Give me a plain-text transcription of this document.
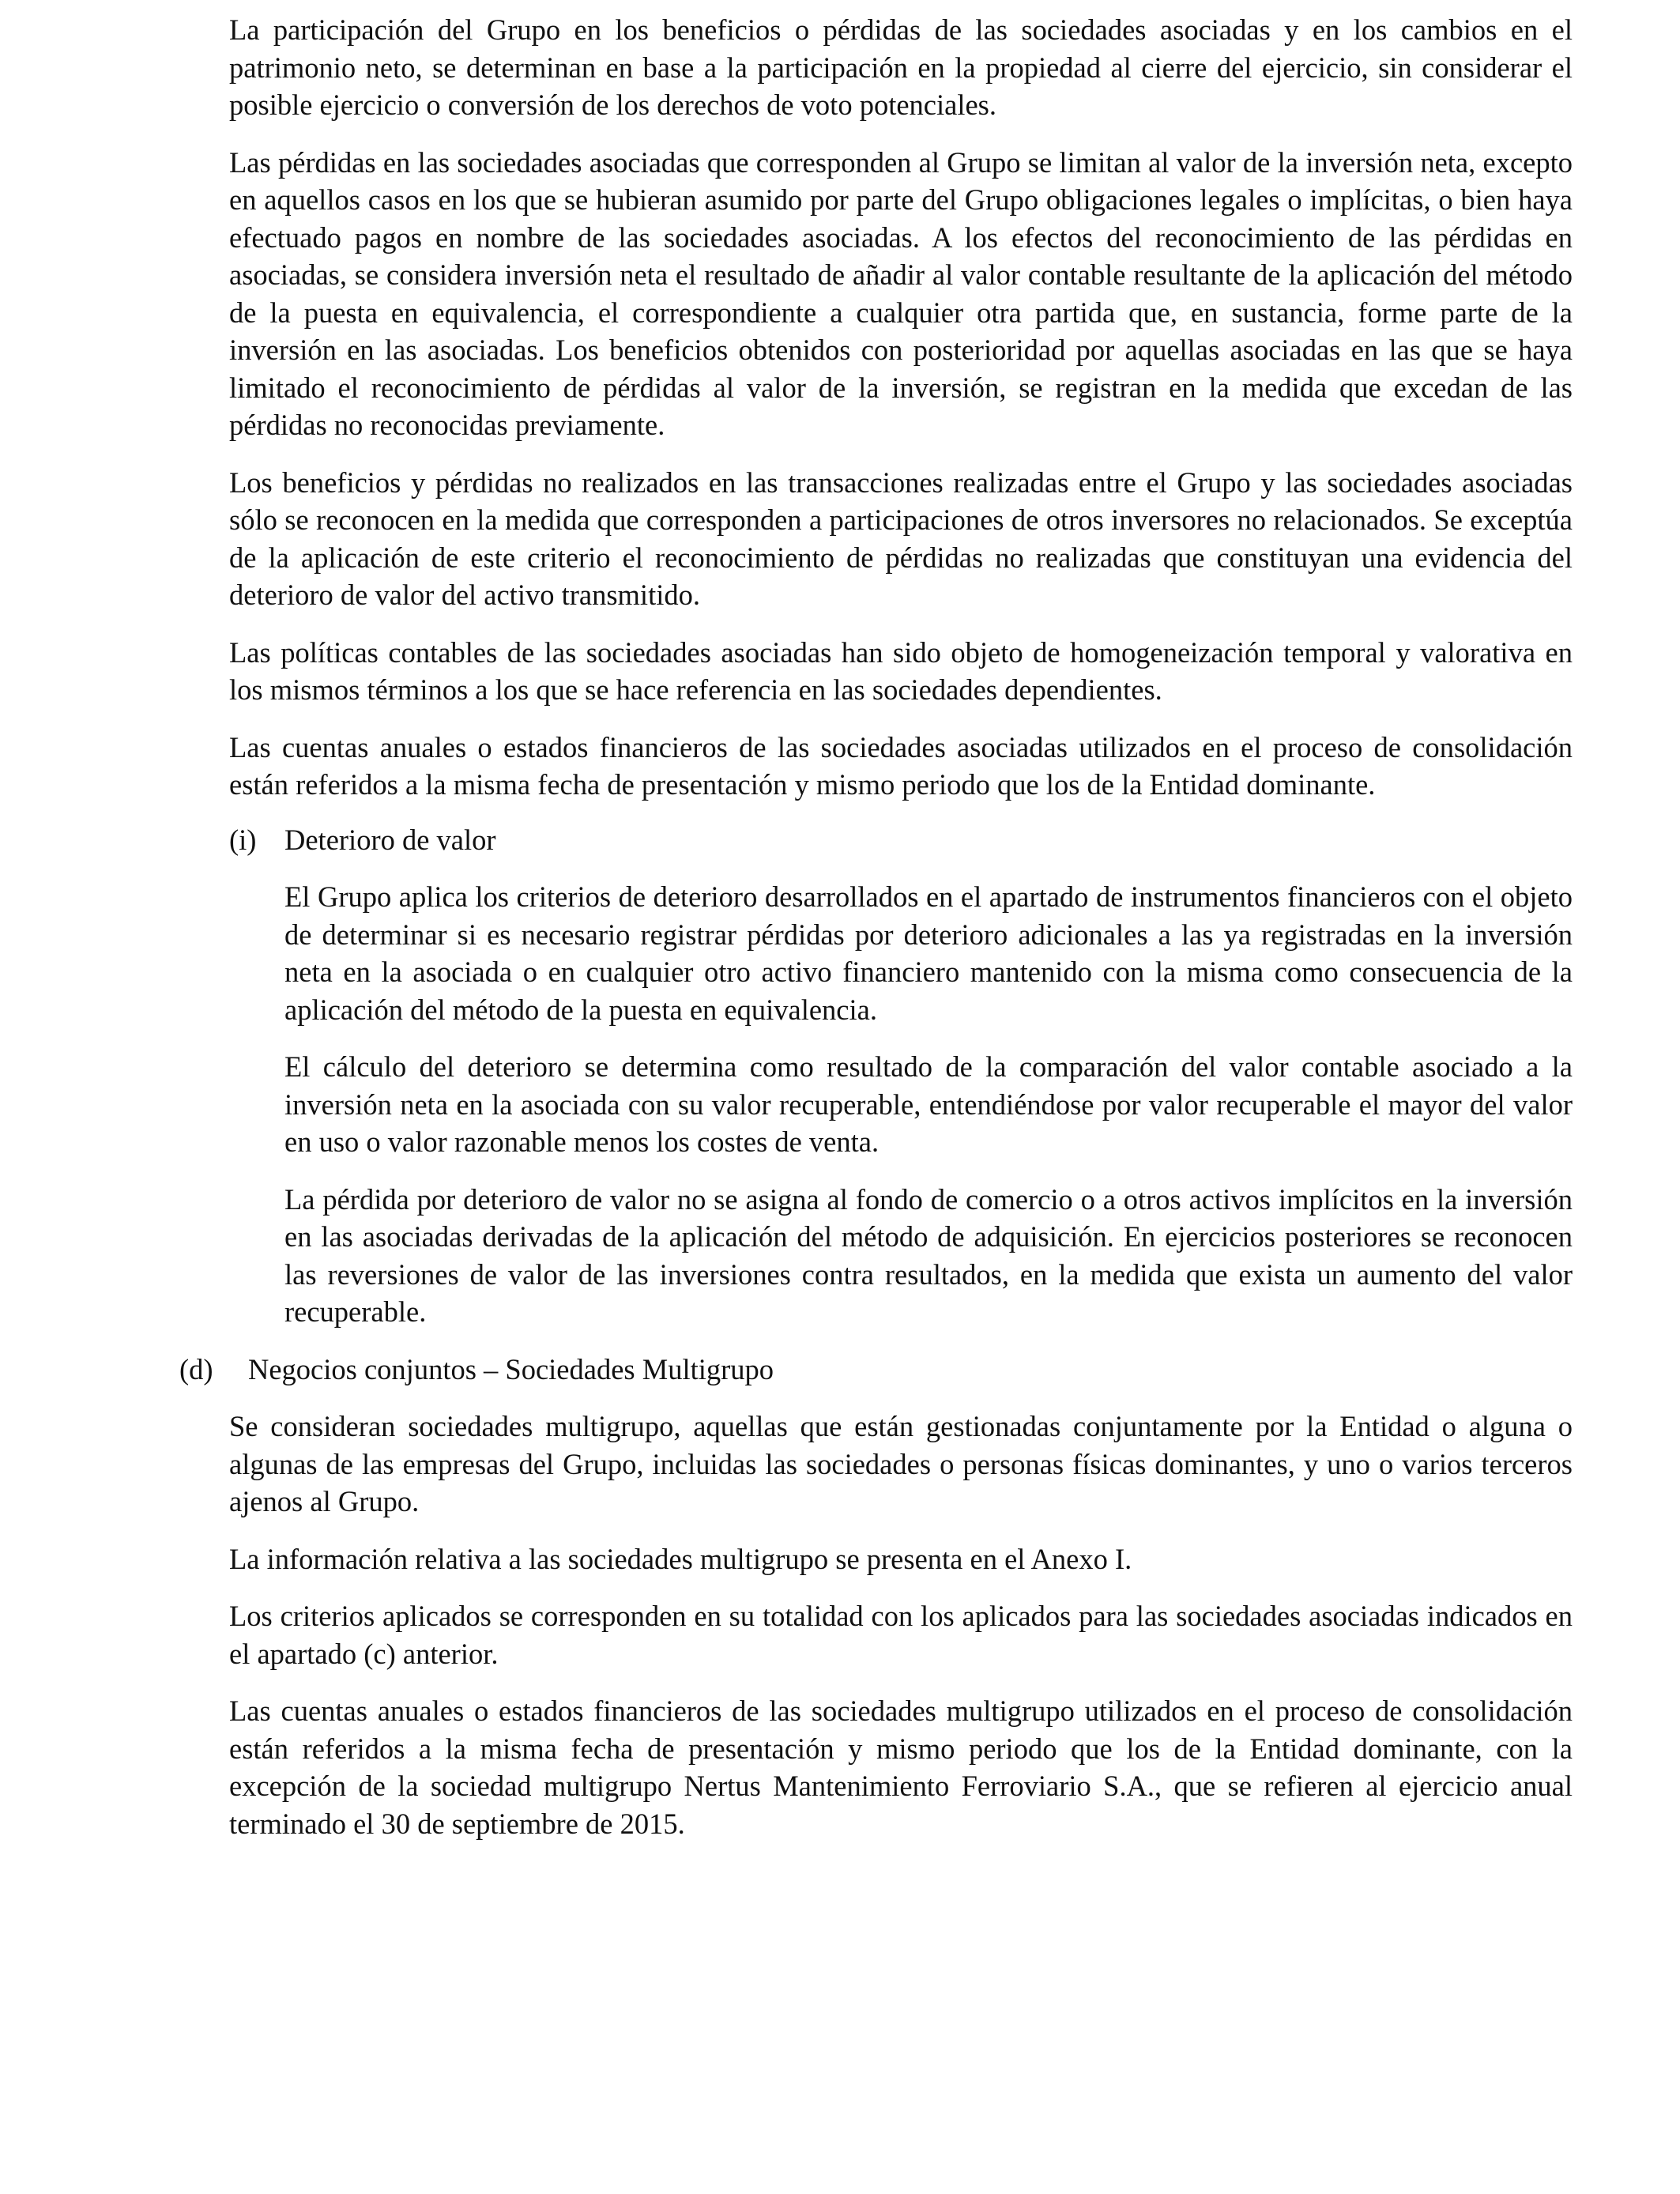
La participación del Grupo en los beneficios o pérdidas de las sociedades asociadas y en los cambios en el patrimonio neto, se determinan en base a la participación en la propiedad al cierre del ejercicio, sin considerar el posible ejercicio o conversión de los derechos de voto potenciales.

Las pérdidas en las sociedades asociadas que corresponden al Grupo se limitan al valor de la inversión neta, excepto en aquellos casos en los que se hubieran asumido por parte del Grupo obligaciones legales o implícitas, o bien haya efectuado pagos en nombre de las sociedades asociadas. A los efectos del reconocimiento de las pérdidas en asociadas, se considera inversión neta el resultado de añadir al valor contable resultante de la aplicación del método de la puesta en equivalencia, el correspondiente a cualquier otra partida que, en sustancia, forme parte de la inversión en las asociadas. Los beneficios obtenidos con posterioridad por aquellas asociadas en las que se haya limitado el reconocimiento de pérdidas al valor de la inversión, se registran en la medida que excedan de las pérdidas no reconocidas previamente.

Los beneficios y pérdidas no realizados en las transacciones realizadas entre el Grupo y las sociedades asociadas sólo se reconocen en la medida que corresponden a participaciones de otros inversores no relacionados. Se exceptúa de la aplicación de este criterio el reconocimiento de pérdidas no realizadas que constituyan una evidencia del deterioro de valor del activo transmitido.

Las políticas contables de las sociedades asociadas han sido objeto de homogeneización temporal y valorativa en los mismos términos a los que se hace referencia en las sociedades dependientes.

Las cuentas anuales o estados financieros de las sociedades asociadas utilizados en el proceso de consolidación están referidos a la misma fecha de presentación y mismo periodo que los de la Entidad dominante.

(i) Deterioro de valor

El Grupo aplica los criterios de deterioro desarrollados en el apartado de instrumentos financieros con el objeto de determinar si es necesario registrar pérdidas por deterioro adicionales a las ya registradas en la inversión neta en la asociada o en cualquier otro activo financiero mantenido con la misma como consecuencia de la aplicación del método de la puesta en equivalencia.

El cálculo del deterioro se determina como resultado de la comparación del valor contable asociado a la inversión neta en la asociada con su valor recuperable, entendiéndose por valor recuperable el mayor del valor en uso o valor razonable menos los costes de venta.

La pérdida por deterioro de valor no se asigna al fondo de comercio o a otros activos implícitos en la inversión en las asociadas derivadas de la aplicación del método de adquisición. En ejercicios posteriores se reconocen las reversiones de valor de las inversiones contra resultados, en la medida que exista un aumento del valor recuperable.

(d)	Negocios conjuntos – Sociedades Multigrupo

Se consideran sociedades multigrupo, aquellas que están gestionadas conjuntamente por la Entidad o alguna o algunas de las empresas del Grupo, incluidas las sociedades o personas físicas dominantes, y uno o varios terceros ajenos al Grupo.

La información relativa a las sociedades multigrupo se presenta en el Anexo I.

Los criterios aplicados se corresponden en su totalidad con los aplicados para las sociedades asociadas indicados en el apartado (c) anterior.

Las cuentas anuales o estados financieros de las sociedades multigrupo utilizados en el proceso de consolidación están referidos a la misma fecha de presentación y mismo periodo que los de la Entidad dominante, con la excepción de la sociedad multigrupo Nertus Mantenimiento Ferroviario S.A., que se refieren al ejercicio anual terminado el 30 de septiembre de 2015.
